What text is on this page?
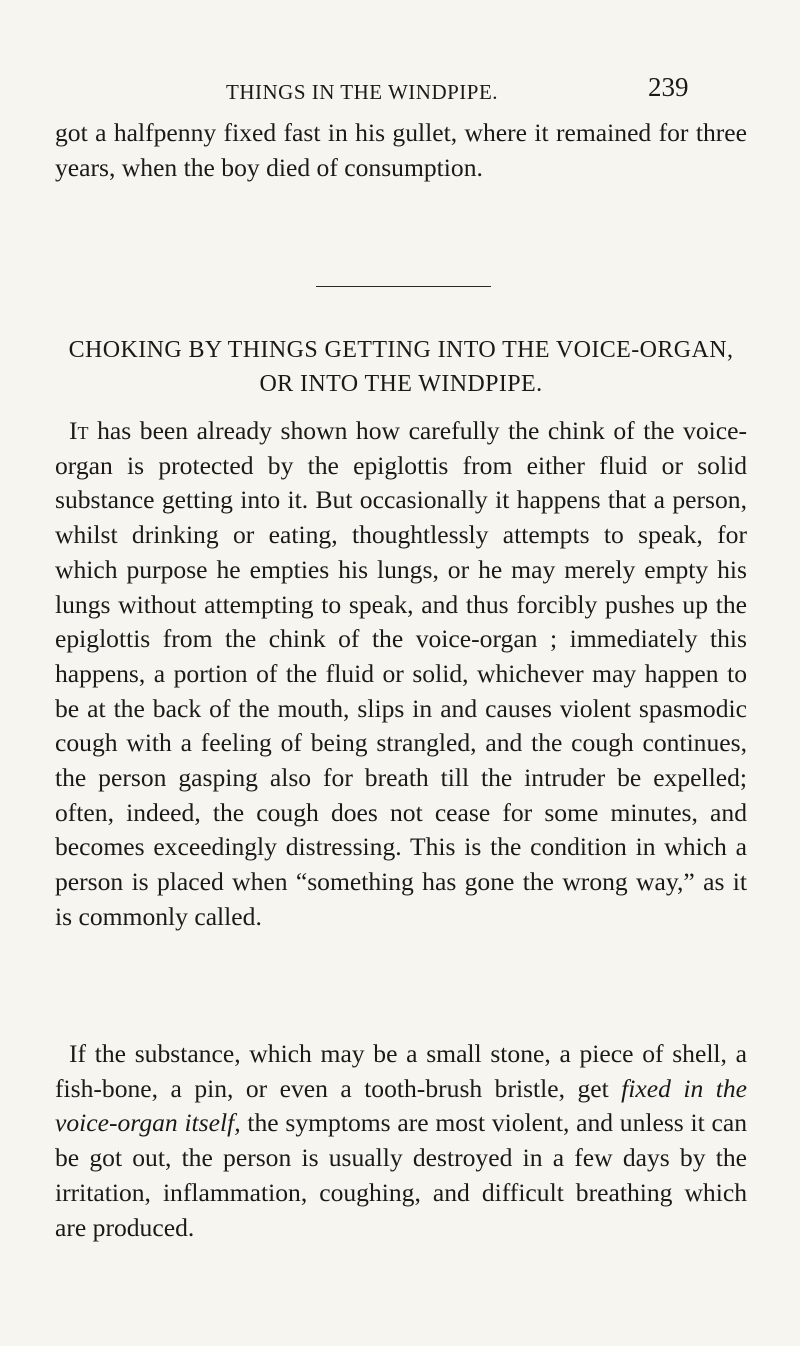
THINGS IN THE WINDPIPE.	239
got a halfpenny fixed fast in his gullet, where it remained for three years, when the boy died of consumption.
CHOKING BY THINGS GETTING INTO THE VOICE-ORGAN, OR INTO THE WINDPIPE.
It has been already shown how carefully the chink of the voice-organ is protected by the epiglottis from either fluid or solid substance getting into it. But occasionally it happens that a person, whilst drinking or eating, thoughtlessly attempts to speak, for which purpose he empties his lungs, or he may merely empty his lungs without attempting to speak, and thus forcibly pushes up the epiglottis from the chink of the voice-organ ; immediately this happens, a portion of the fluid or solid, whichever may happen to be at the back of the mouth, slips in and causes violent spasmodic cough with a feeling of being strangled, and the cough continues, the person gasping also for breath till the intruder be expelled; often, indeed, the cough does not cease for some minutes, and becomes exceedingly distressing. This is the condition in which a person is placed when “something has gone the wrong way,” as it is commonly called.
If the substance, which may be a small stone, a piece of shell, a fish-bone, a pin, or even a tooth-brush bristle, get fixed in the voice-organ itself, the symptoms are most violent, and unless it can be got out, the person is usually destroyed in a few days by the irritation, inflammation, coughing, and difficult breathing which are produced.
